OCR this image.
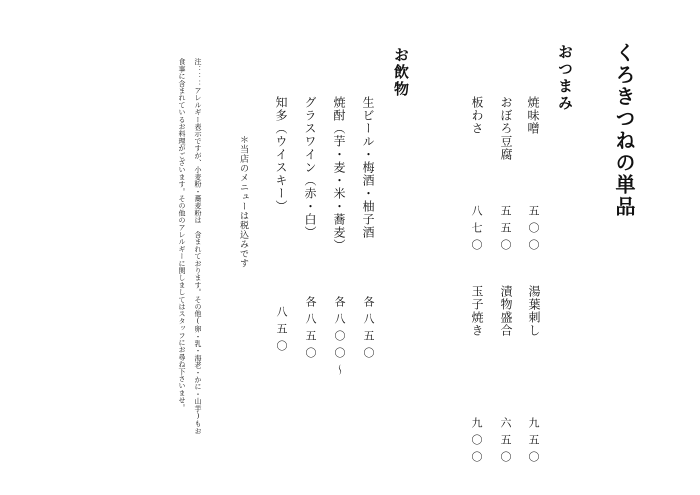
くろきつねの単品
おつまみ
焼味噌
五〇〇
おぼろ豆腐
五五〇
板わさ
八七〇
湯葉刺し
九五〇
漬物盛合
六五〇
玉子焼き
九〇〇
お飲物
生ビール・梅酒・柚子酒
各八五〇
焼酎（芋・麦・米・蕎麦）
各八〇〇〜
グラスワイン（赤・白）
各八五〇
知多（ウイスキー）
八五〇
＊当店のメニューは税込みです
注：：：アレルギー表示ですが、小麦粉・蕎麦粉は　含まれております。その他(卵・乳・海老・かに・山芋)もお
食事に含まれているお料理がございます。その他のアレルギーに関しましてはスタッフにお尋ね下さいませ。
